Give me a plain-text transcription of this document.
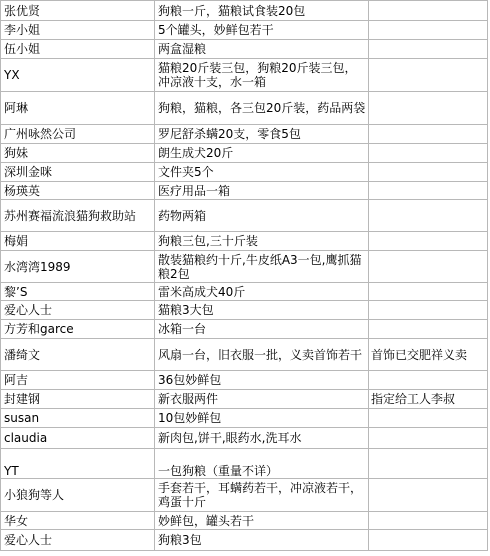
张优贤	狗粮一斤，猫粮试食装20包	
李小姐	5个罐头，妙鲜包若干	
伍小姐	两盒湿粮	
YX	猫粮20斤装三包，狗粮20斤装三包，冲凉液十支，水一箱	
阿琳	狗粮，猫粮，各三包20斤装，药品两袋	
广州咏然公司	罗尼舒杀螨20支，零食5包	
狗妹	朗生成犬20斤	
深圳金咪	文件夹5个	
杨瑛英	医疗用品一箱	
苏州赛福流浪猫狗救助站	药物两箱	
梅娟	狗粮三包,三十斤装	
水湾湾1989	散装猫粮约十斤,牛皮纸A3一包,鹰抓猫粮2包	
黎’S	雷米高成犬40斤	
爱心人士	猫粮3大包	
方芳和garce	冰箱一台	
潘绮文	风扇一台，旧衣服一批，义卖首饰若干	首饰已交肥祥义卖
阿吉	36包妙鲜包	
封建钢	新衣服两件	指定给工人李叔
susan	10包妙鲜包	
claudia	新肉包,饼干,眼药水,洗耳水	
YT	一包狗粮（重量不详）	
小狼狗等人	手套若干，耳螨药若干，冲凉液若干，鸡蛋十斤	
华女	妙鲜包，罐头若干	
爱心人士	狗粮3包	
